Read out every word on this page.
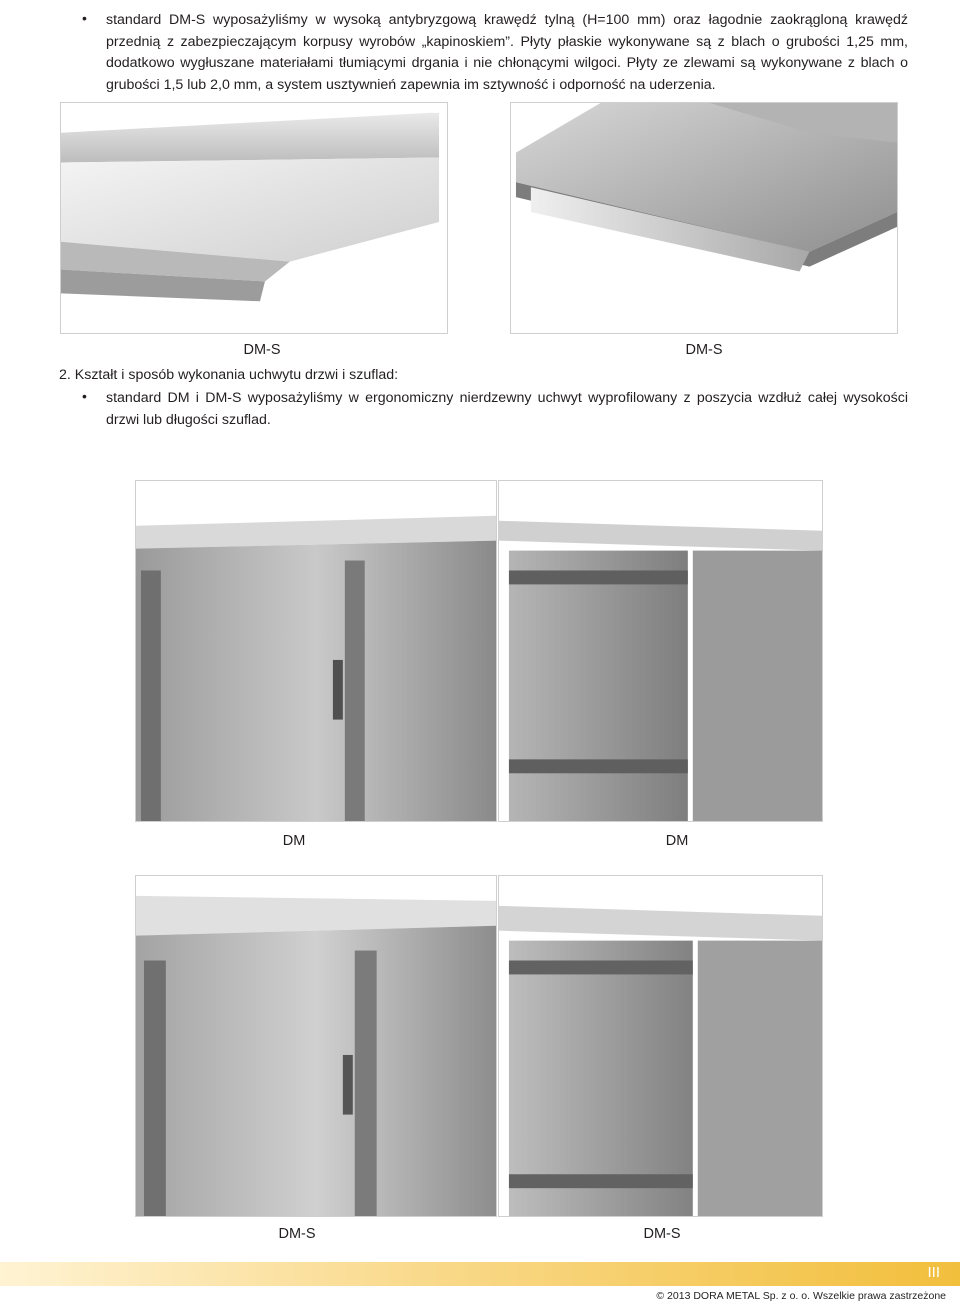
• standard DM-S wyposażyliśmy w wysoką antybryzgową krawędź tylną (H=100 mm) oraz łagodnie zaokrągloną krawędź przednią z zabezpieczającym korpusy wyrobów „kapinoskiem”. Płyty płaskie wykonywane są z blach o grubości 1,25 mm, dodatkowo wygłuszane materiałami tłumiącymi drgania i nie chłonącymi wilgoci. Płyty ze zlewami są wykonywane z blach o grubości 1,5 lub 2,0 mm, a system usztywnień zapewnia im sztywność i odporność na uderzenia.
DM-S	DM-S
2. Kształt i sposób wykonania uchwytu drzwi i szuflad:
• standard DM i DM-S wyposażyliśmy w ergonomiczny nierdzewny uchwyt wyprofilowany z poszycia wzdłuż całej wysokości drzwi lub długości szuflad.
DM	DM
DM-S	DM-S
III
© 2013 DORA METAL Sp. z o. o. Wszelkie prawa zastrzeżone
